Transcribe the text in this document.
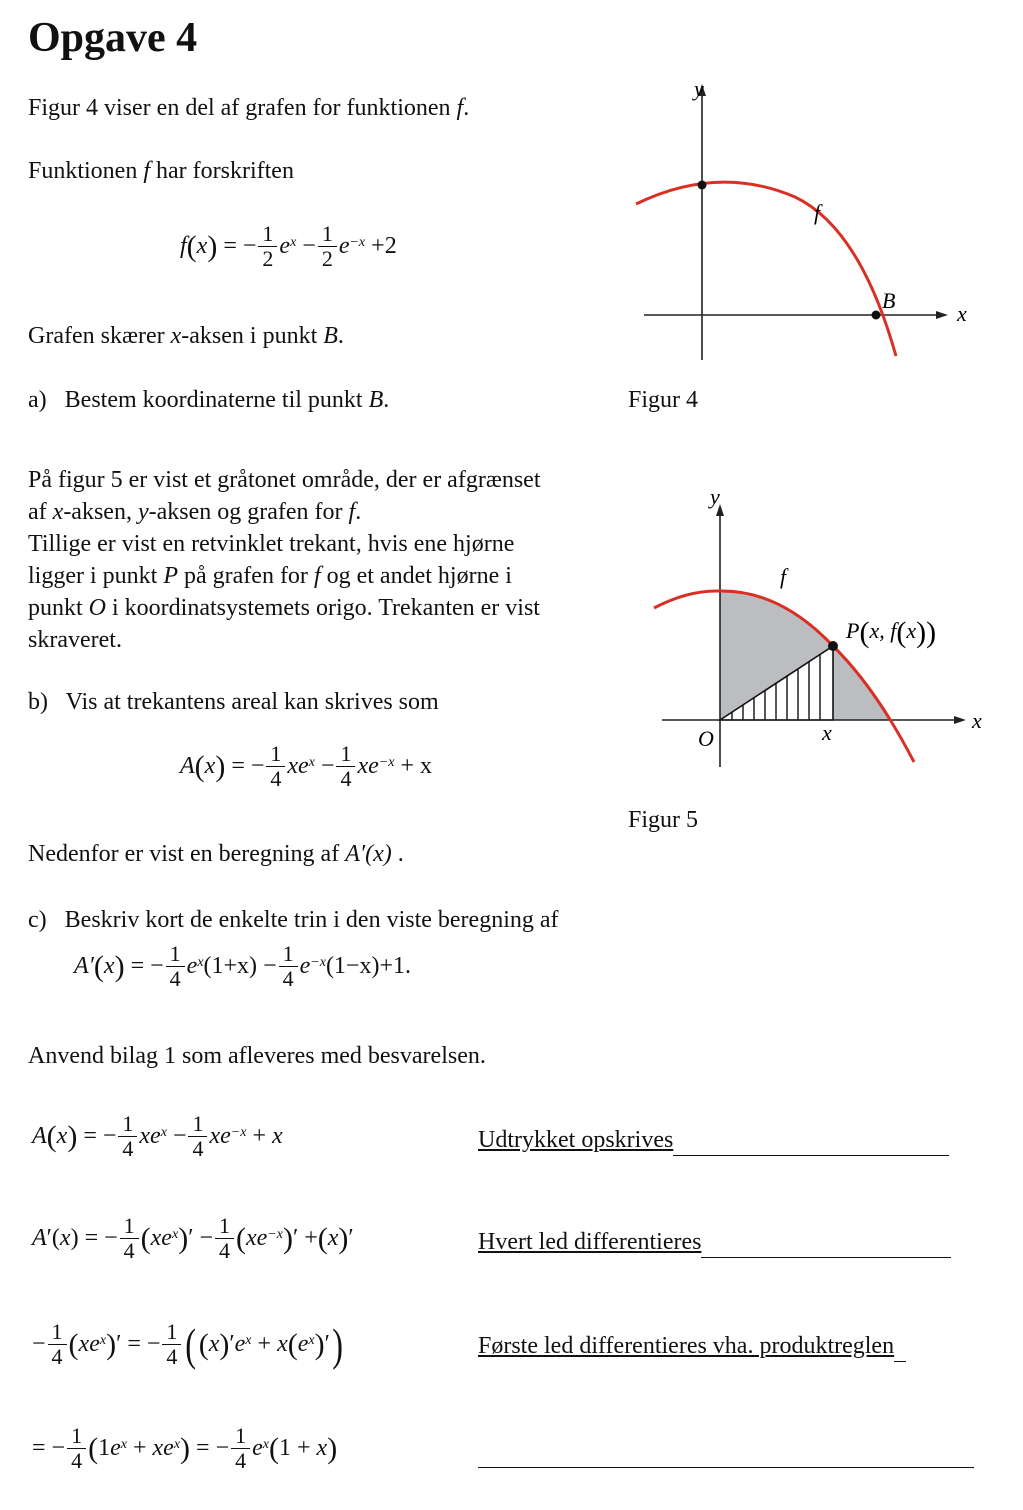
Opgave 4
Figur 4 viser en del af grafen for funktionen f.
Funktionen f har forskriften
f ( x ) = − $\frac{1}{2} e^x - \frac{1}{2} e^{-x}$
+2
Grafen skærer x-aksen i punkt B.
a) Bestem koordinaterne til punkt B.
y
x
f
B
Figur 4
På figur 5 er vist et gråtonet område, der er afgrænset
af x-aksen, y-aksen og grafen for f.
Tillige er vist en retvinklet trekant, hvis ene hjørne
ligger i punkt P på grafen for f og et andet hjørne i
punkt O i koordinatsystemets origo. Trekanten er vist
skraveret.
y
x
f
O	x
P(x, f(x))
Figur 5
b) Vis at trekantens areal kan skrives som
A ( x ) = − $\frac{1}{4} xe^x - \frac{1}{4} xe^{-x}$
+ x
Nedenfor er vist en beregning af A′(x) .
c) Beskriv kort de enkelte trin i den viste beregning af
A′ ( x ) = − $\frac{1}{4} e^x$ $(1+x) - \frac{1}{4} e^{-x}$ (1−x) +1.
Anvend bilag 1 som afleveres med besvarelsen.
A ( x ) = − $\frac{1}{4} xe^x - \frac{1}{4} xe^{-x} + x$	Udtrykket opskrives
A ′( x ) = − $\frac{1}{4}$ ( $xe^x$ ) ′ − $\frac{1}{4}$ ( $xe^{-x}$ ) ′ + ( x ) ′	Hvert led differentieres
− $\frac{1}{4}$ ( $xe^x$ ) ′ = − $\frac{1}{4}$ ( ( x ) ′ $e^x + x$ ( $e^x$ ) ′ )	Første led differentieres vha. produktreglen
= − $\frac{1}{4}$ ( 1 $e^x + xe^x$ ) = − $\frac{1}{4} e^x$ ( 1 + x )
